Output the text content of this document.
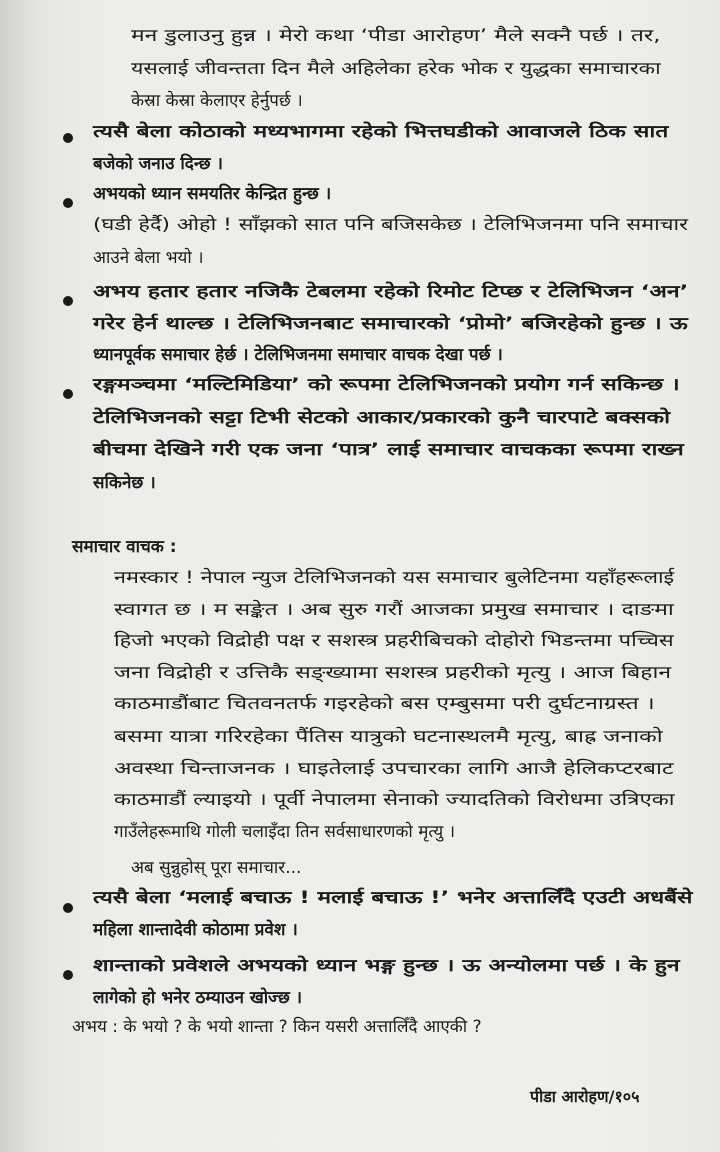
मन डुलाउनु हुन्न । मेरो कथा ‘पीडा आरोहण’ मैले सक्नै पर्छ । तर,
यसलाई जीवन्तता दिन मैले अहिलेका हरेक भोक र युद्धका समाचारका
केस्रा केस्रा केलाएर हेर्नुपर्छ ।
त्यसै बेला कोठाको मध्यभागमा रहेको भित्तघडीको आवाजले ठिक सात
बजेको जनाउ दिन्छ ।
अभयको ध्यान समयतिर केन्द्रित हुन्छ ।
(घडी हेर्दै) ओहो ! साँझको सात पनि बजिसकेछ । टेलिभिजनमा पनि समाचार
आउने बेला भयो ।
अभय हतार हतार नजिकै टेबलमा रहेको रिमोट टिप्छ र टेलिभिजन ‘अन’
गरेर हेर्न थाल्छ । टेलिभिजनबाट समाचारको ‘प्रोमो’ बजिरहेको हुन्छ । ऊ
ध्यानपूर्वक समाचार हेर्छ । टेलिभिजनमा समाचार वाचक देखा पर्छ ।
रङ्गमञ्चमा ‘मल्टिमिडिया’ को रूपमा टेलिभिजनको प्रयोग गर्न सकिन्छ ।
टेलिभिजनको सट्टा टिभी सेटको आकार/प्रकारको कुनै चारपाटे बक्सको
बीचमा देखिने गरी एक जना ‘पात्र’ लाई समाचार वाचकका रूपमा राख्न
सकिनेछ ।
समाचार वाचक :
नमस्कार ! नेपाल न्युज टेलिभिजनको यस समाचार बुलेटिनमा यहाँहरूलाई
स्वागत छ । म सङ्केत । अब सुरु गरौं आजका प्रमुख समाचार । दाङमा
हिजो भएको विद्रोही पक्ष र सशस्त्र प्रहरीबिचको दोहोरो भिडन्तमा पच्चिस
जना विद्रोही र उत्तिकै सङ्ख्यामा सशस्त्र प्रहरीको मृत्यु । आज बिहान
काठमाडौंबाट चितवनतर्फ गइरहेको बस एम्बुसमा परी दुर्घटनाग्रस्त ।
बसमा यात्रा गरिरहेका पैंतिस यात्रुको घटनास्थलमै मृत्यु, बाह्र जनाको
अवस्था चिन्ताजनक । घाइतेलाई उपचारका लागि आजै हेलिकप्टरबाट
काठमाडौं ल्याइयो । पूर्वी नेपालमा सेनाको ज्यादतिको विरोधमा उत्रिएका
गाउँलेहरूमाथि गोली चलाइँदा तिन सर्वसाधारणको मृत्यु ।
अब सुन्नुहोस् पूरा समाचार...
त्यसै बेला ‘मलाई बचाऊ ! मलाई बचाऊ !’ भनेर अत्तालिँदै एउटी अधबैंसे
महिला शान्तादेवी कोठामा प्रवेश ।
शान्ताको प्रवेशले अभयको ध्यान भङ्ग हुन्छ । ऊ अन्योलमा पर्छ । के हुन
लागेको हो भनेर ठम्याउन खोज्छ ।
अभय : के भयो ? के भयो शान्ता ? किन यसरी अत्तालिँदै आएकी ?
पीडा आरोहण/१०५
